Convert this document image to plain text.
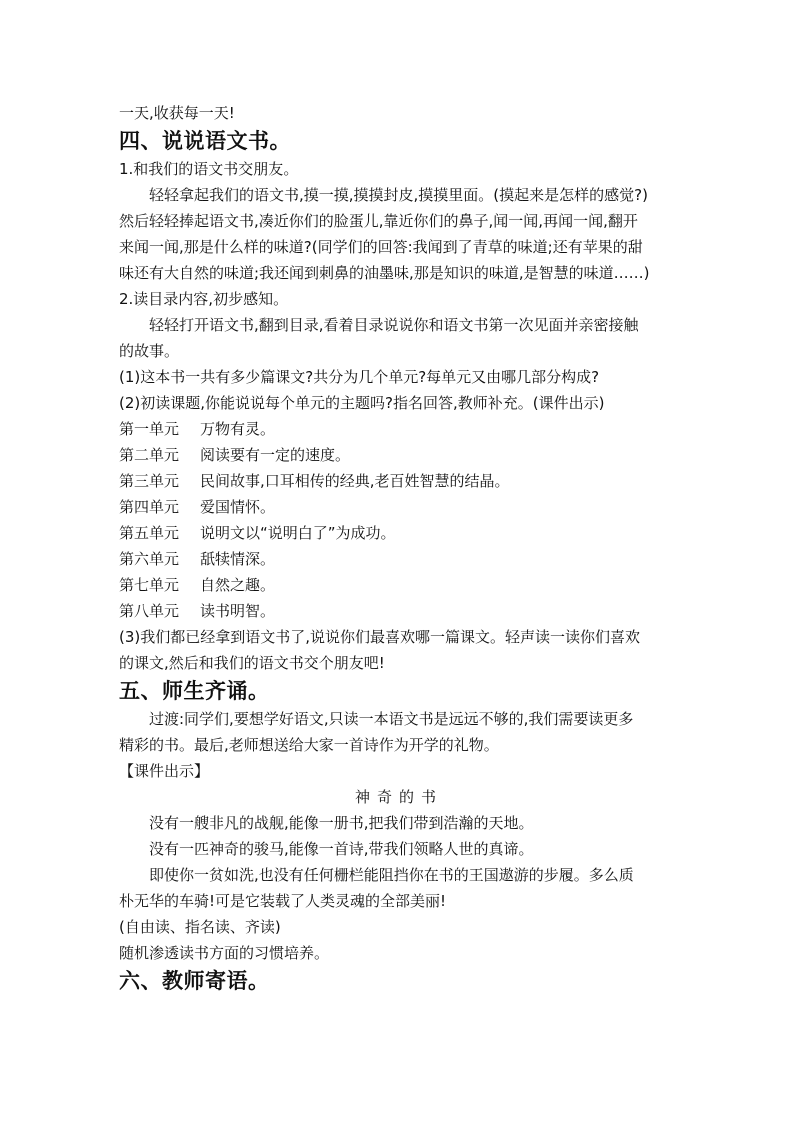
一天,收获每一天!

四、说说语文书。

1.和我们的语文书交朋友。

轻轻拿起我们的语文书,摸一摸,摸摸封皮,摸摸里面。(摸起来是怎样的感觉?)

然后轻轻捧起语文书,凑近你们的脸蛋儿,靠近你们的鼻子,闻一闻,再闻一闻,翻开

来闻一闻,那是什么样的味道?(同学们的回答:我闻到了青草的味道;还有苹果的甜

味还有大自然的味道;我还闻到刺鼻的油墨味,那是知识的味道,是智慧的味道……)

2.读目录内容,初步感知。

轻轻打开语文书,翻到目录,看着目录说说你和语文书第一次见面并亲密接触

的故事。

(1)这本书一共有多少篇课文?共分为几个单元?每单元又由哪几部分构成?

(2)初读课题,你能说说每个单元的主题吗?指名回答,教师补充。(课件出示)

第一单元	万物有灵。
第二单元	阅读要有一定的速度。
第三单元	民间故事,口耳相传的经典,老百姓智慧的结晶。
第四单元	爱国情怀。
第五单元	说明文以“说明白了”为成功。
第六单元	舐犊情深。
第七单元	自然之趣。
第八单元	读书明智。

(3)我们都已经拿到语文书了,说说你们最喜欢哪一篇课文。轻声读一读你们喜欢

的课文,然后和我们的语文书交个朋友吧!

五、师生齐诵。

过渡:同学们,要想学好语文,只读一本语文书是远远不够的,我们需要读更多

精彩的书。最后,老师想送给大家一首诗作为开学的礼物。

【课件出示】

神奇的书

没有一艘非凡的战舰,能像一册书,把我们带到浩瀚的天地。

没有一匹神奇的骏马,能像一首诗,带我们领略人世的真谛。

即使你一贫如洗,也没有任何栅栏能阻挡你在书的王国遨游的步履。多么质

朴无华的车骑!可是它装载了人类灵魂的全部美丽!

(自由读、指名读、齐读)

随机渗透读书方面的习惯培养。

六、教师寄语。
